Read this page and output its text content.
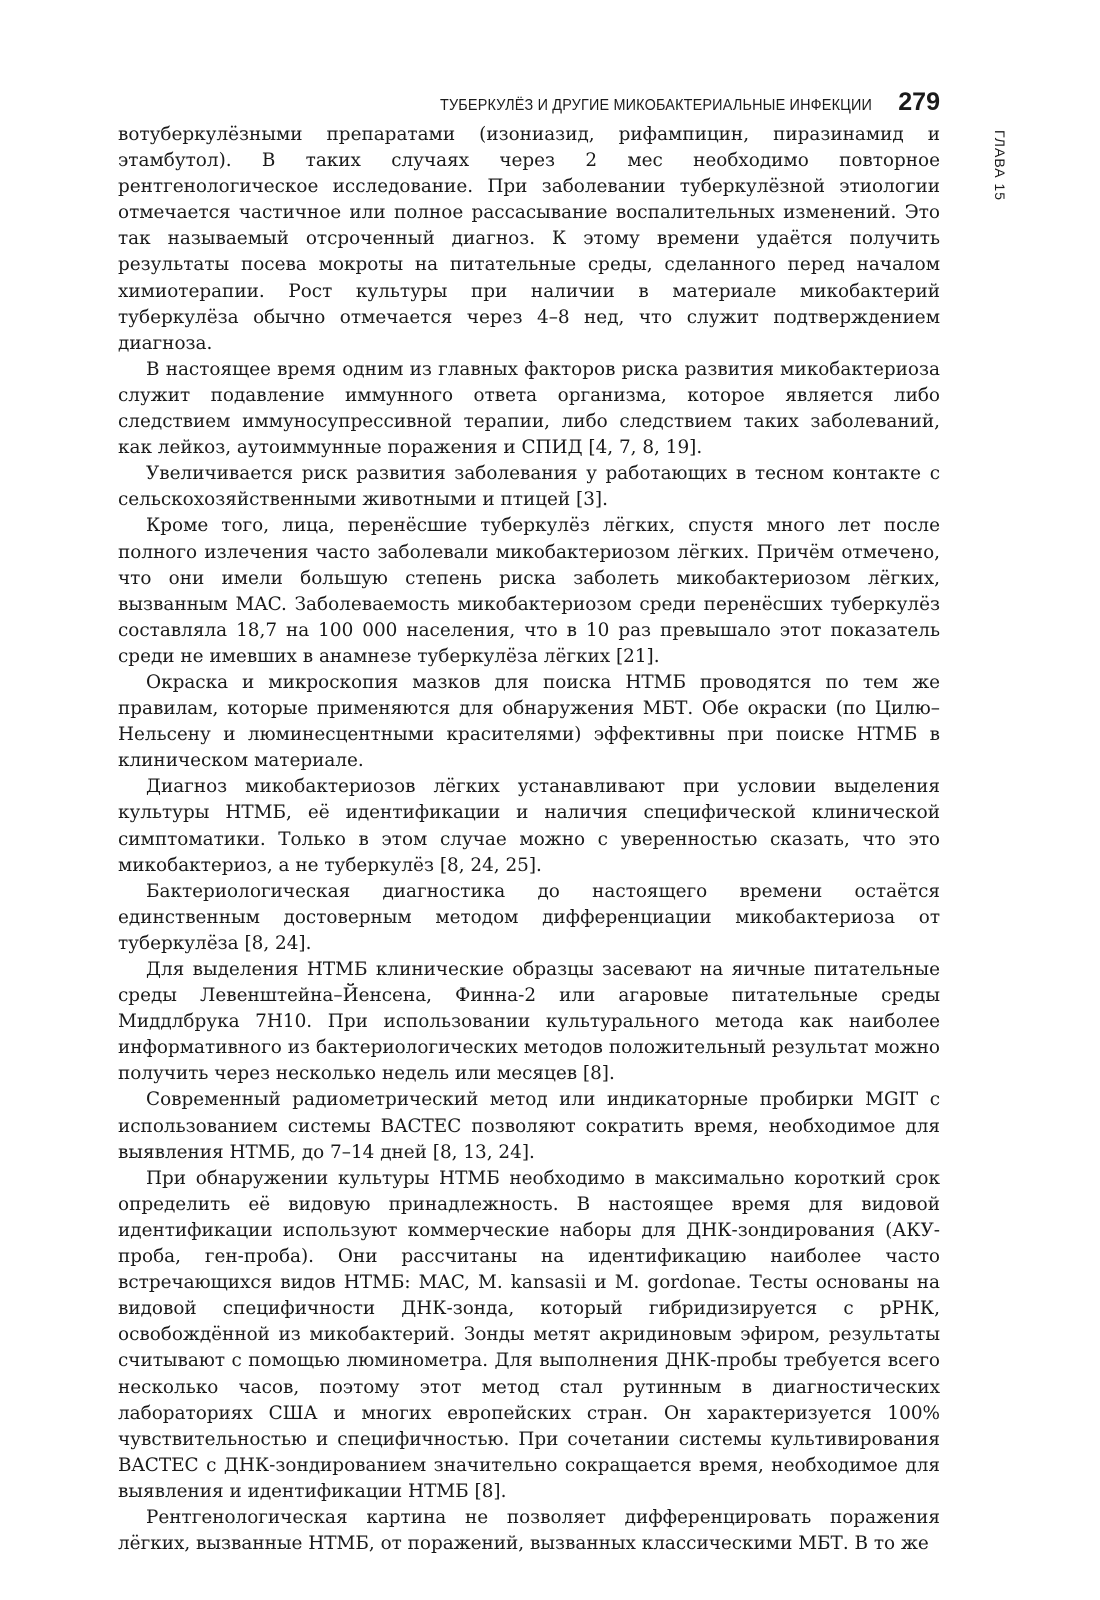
ТУБЕРКУЛЁЗ И ДРУГИЕ МИКОБАКТЕРИАЛЬНЫЕ ИНФЕКЦИИ 279
ГЛАВА 15

вотуберкулёзными препаратами (изониазид, рифампицин, пиразинамид и этамбутол). В таких случаях через 2 мес необходимо повторное рентгенологическое исследование. При заболевании туберкулёзной этиологии отмечается частичное или полное рассасывание воспалительных изменений. Это так называемый отсроченный диагноз. К этому времени удаётся получить результаты посева мокроты на питательные среды, сделанного перед началом химиотерапии. Рост культуры при наличии в материале микобактерий туберкулёза обычно отмечается через 4–8 нед, что служит подтверждением диагноза.

В настоящее время одним из главных факторов риска развития микобактериоза служит подавление иммунного ответа организма, которое является либо следствием иммуносупрессивной терапии, либо следствием таких заболеваний, как лейкоз, аутоиммунные поражения и СПИД [4, 7, 8, 19].

Увеличивается риск развития заболевания у работающих в тесном контакте с сельскохозяйственными животными и птицей [3].

Кроме того, лица, перенёсшие туберкулёз лёгких, спустя много лет после полного излечения часто заболевали микобактериозом лёгких. Причём отмечено, что они имели большую степень риска заболеть микобактериозом лёгких, вызванным MAC. Заболеваемость микобактериозом среди перенёсших туберкулёз составляла 18,7 на 100 000 населения, что в 10 раз превышало этот показатель среди не имевших в анамнезе туберкулёза лёгких [21].

Окраска и микроскопия мазков для поиска НТМБ проводятся по тем же правилам, которые применяются для обнаружения МБТ. Обе окраски (по Цилю–Нельсену и люминесцентными красителями) эффективны при поиске НТМБ в клиническом материале.

Диагноз микобактериозов лёгких устанавливают при условии выделения культуры НТМБ, её идентификации и наличия специфической клинической симптоматики. Только в этом случае можно с уверенностью сказать, что это микобактериоз, а не туберкулёз [8, 24, 25].

Бактериологическая диагностика до настоящего времени остаётся единственным достоверным методом дифференциации микобактериоза от туберкулёза [8, 24].

Для выделения НТМБ клинические образцы засевают на яичные питательные среды Левенштейна–Йенсена, Финна-2 или агаровые питательные среды Миддлбрука 7H10. При использовании культурального метода как наиболее информативного из бактериологических методов положительный результат можно получить через несколько недель или месяцев [8].

Современный радиометрический метод или индикаторные пробирки MGIT с использованием системы BACTEC позволяют сократить время, необходимое для выявления НТМБ, до 7–14 дней [8, 13, 24].

При обнаружении культуры НТМБ необходимо в максимально короткий срок определить её видовую принадлежность. В настоящее время для видовой идентификации используют коммерческие наборы для ДНК-зондирования (АКУ-проба, ген-проба). Они рассчитаны на идентификацию наиболее часто встречающихся видов НТМБ: MAC, M. kansasii и M. gordonae. Тесты основаны на видовой специфичности ДНК-зонда, который гибридизируется с рРНК, освобождённой из микобактерий. Зонды метят акридиновым эфиром, результаты считывают с помощью люминометра. Для выполнения ДНК-пробы требуется всего несколько часов, поэтому этот метод стал рутинным в диагностических лабораториях США и многих европейских стран. Он характеризуется 100% чувствительностью и специфичностью. При сочетании системы культивирования BACTEC с ДНК-зондированием значительно сокращается время, необходимое для выявления и идентификации НТМБ [8].

Рентгенологическая картина не позволяет дифференцировать поражения лёгких, вызванные НТМБ, от поражений, вызванных классическими МБТ. В то же
